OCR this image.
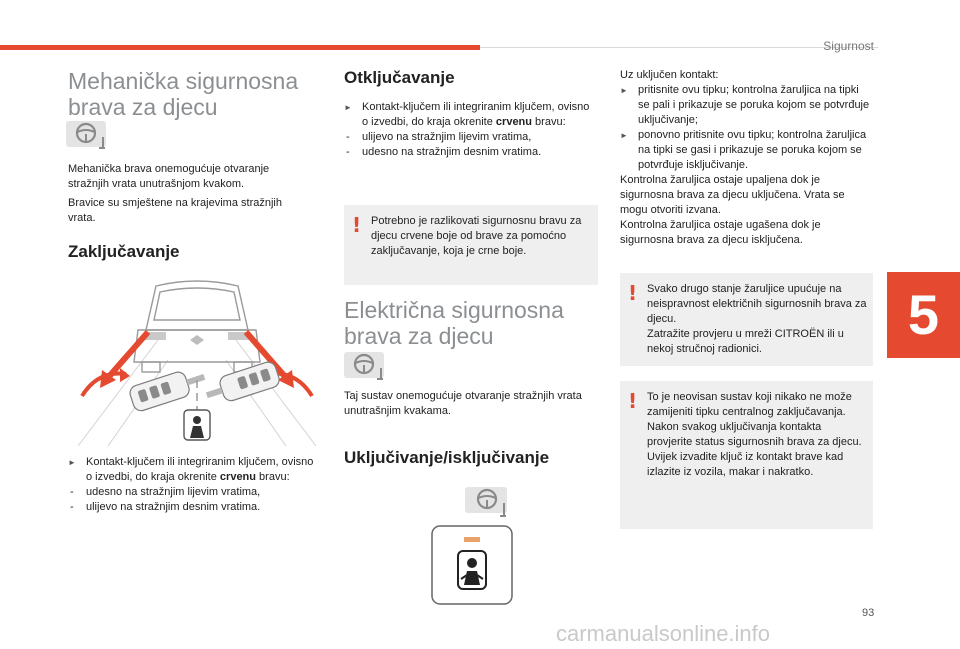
Sigurnost
5
93
carmanualsonline.info
Mehanička sigurnosna brava za djecu
Mehanička brava onemogućuje otvaranje stražnjih vrata unutrašnjom kvakom.
Bravice su smještene na krajevima stražnjih vrata.
Zaključavanje
► Kontakt-ključem ili integriranim ključem, ovisno o izvedbi, do kraja okrenite crvenu bravu:
- udesno na stražnjim lijevim vratima,
- ulijevo na stražnjim desnim vratima.
Otključavanje
► Kontakt-ključem ili integriranim ključem, ovisno o izvedbi, do kraja okrenite crvenu bravu:
- ulijevo na stražnjim lijevim vratima,
- udesno na stražnjim desnim vratima.
! Potrebno je razlikovati sigurnosnu bravu za djecu crvene boje od brave za pomoćno zaključavanje, koja je crne boje.
Električna sigurnosna brava za djecu
Taj sustav onemogućuje otvaranje stražnjih vrata unutrašnjim kvakama.
Uključivanje/isključivanje
Uz uključen kontakt:
► pritisnite ovu tipku; kontrolna žaruljica na tipki se pali i prikazuje se poruka kojom se potvrđuje uključivanje;
► ponovno pritisnite ovu tipku; kontrolna žaruljica na tipki se gasi i prikazuje se poruka kojom se potvrđuje isključivanje.
Kontrolna žaruljica ostaje upaljena dok je sigurnosna brava za djecu uključena. Vrata se mogu otvoriti izvana.
Kontrolna žaruljica ostaje ugašena dok je sigurnosna brava za djecu isključena.
! Svako drugo stanje žaruljice upućuje na neispravnost električnih sigurnosnih brava za djecu.
Zatražite provjeru u mreži CITROËN ili u nekoj stručnoj radionici.
! To je neovisan sustav koji nikako ne može zamijeniti tipku centralnog zaključavanja.
Nakon svakog uključivanja kontakta provjerite status sigurnosnih brava za djecu.
Uvijek izvadite ključ iz kontakt brave kad izlazite iz vozila, makar i nakratko.
